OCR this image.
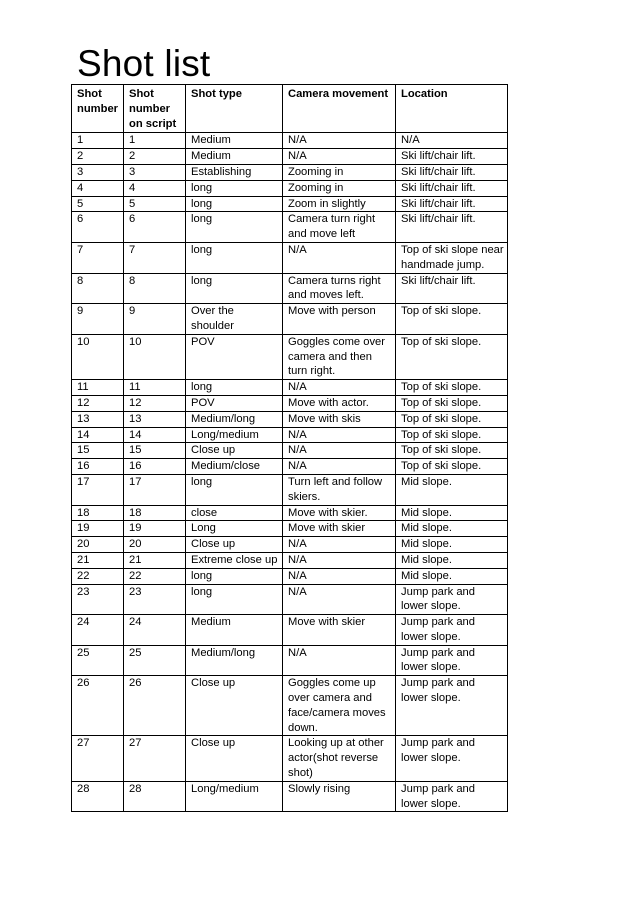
Shot list
Shot number	Shot number on script	Shot type	Camera movement	Location
1	1	Medium	N/A	N/A
2	2	Medium	N/A	Ski lift/chair lift.
3	3	Establishing	Zooming in	Ski lift/chair lift.
4	4	long	Zooming in	Ski lift/chair lift.
5	5	long	Zoom in slightly	Ski lift/chair lift.
6	6	long	Camera turn right and move left	Ski lift/chair lift.
7	7	long	N/A	Top of ski slope near handmade jump.
8	8	long	Camera turns right and moves left.	Ski lift/chair lift.
9	9	Over the shoulder	Move with person	Top of ski slope.
10	10	POV	Goggles come over camera and then turn right.	Top of ski slope.
11	11	long	N/A	Top of ski slope.
12	12	POV	Move with actor.	Top of ski slope.
13	13	Medium/long	Move with skis	Top of ski slope.
14	14	Long/medium	N/A	Top of ski slope.
15	15	Close up	N/A	Top of ski slope.
16	16	Medium/close	N/A	Top of ski slope.
17	17	long	Turn left and follow skiers.	Mid slope.
18	18	close	Move with skier.	Mid slope.
19	19	Long	Move with skier	Mid slope.
20	20	Close up	N/A	Mid slope.
21	21	Extreme close up	N/A	Mid slope.
22	22	long	N/A	Mid slope.
23	23	long	N/A	Jump park and lower slope.
24	24	Medium	Move with skier	Jump park and lower slope.
25	25	Medium/long	N/A	Jump park and lower slope.
26	26	Close up	Goggles come up over camera and face/camera moves down.	Jump park and lower slope.
27	27	Close up	Looking up at other actor(shot reverse shot)	Jump park and lower slope.
28	28	Long/medium	Slowly rising	Jump park and lower slope.
